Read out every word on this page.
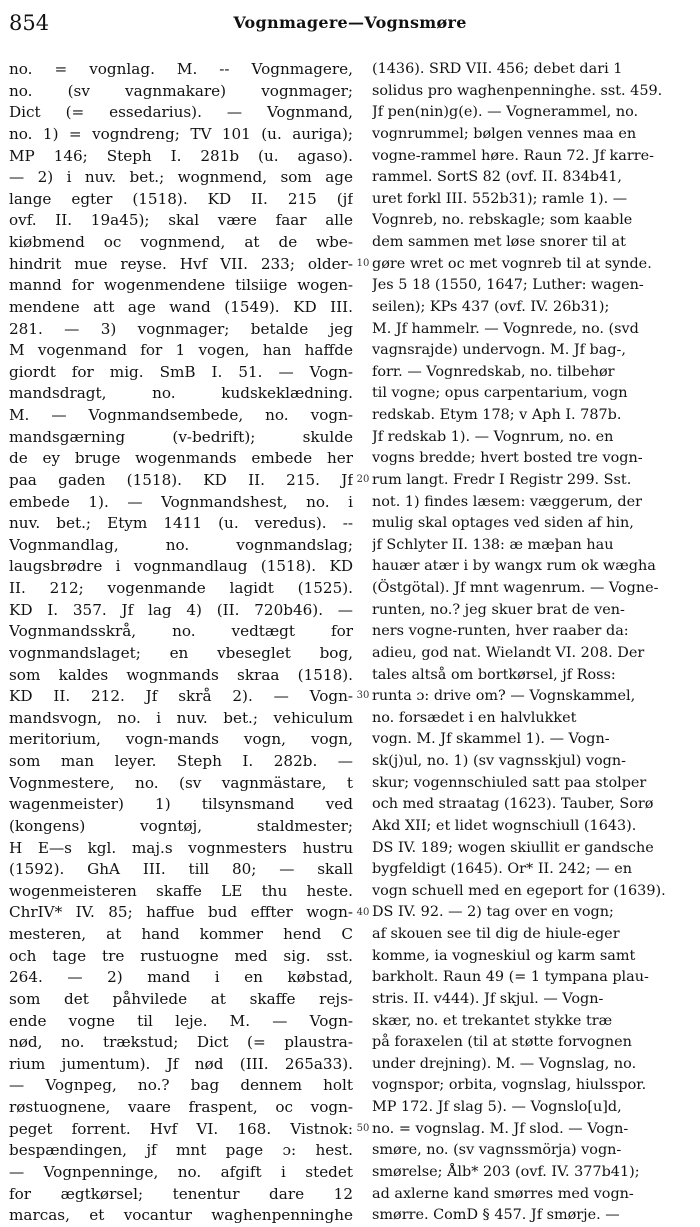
854	Vognmagere—Vognsmøre
no. = vognlag. M. -- Vognmagere,
no. (sv vagnmakare) vognmager;
Dict (= essedarius). — Vognmand,
no. 1) = vogndreng; TV 101 (u. auriga);
MP 146; Steph I. 281b (u. agaso).
— 2) i nuv. bet.; wognmend, som age
lange egter (1518). KD II. 215 (jf
ovf. II. 19a45); skal være faar alle
kiøbmend oc vognmend, at de wbe-
hindrit mue reyse. Hvf VII. 233; older-
mannd for wogenmendene tilsiige wogen-
mendene att age wand (1549). KD III.
281. — 3) vognmager; betalde jeg
M vogenmand for 1 vogen, han haffde
giordt for mig. SmB I. 51. — Vogn-
mandsdragt, no. kudskeklædning.
M. — Vognmandsembede, no. vogn-
mandsgærning (v-bedrift); skulde
de ey bruge wogenmands embede her
paa gaden (1518). KD II. 215. Jf
embede 1). — Vognmandshest, no. i
nuv. bet.; Etym 1411 (u. veredus). --
Vognmandlag, no. vognmandslag;
laugsbrødre i vognmandlaug (1518). KD
II. 212; vogenmande lagidt (1525).
KD I. 357. Jf lag 4) (II. 720b46). —
Vognmandsskrå, no. vedtægt for
vognmandslaget; en vbeseglet bog,
som kaldes wognmands skraa (1518).
KD II. 212. Jf skrå 2). — Vogn-
mandsvogn, no. i nuv. bet.; vehiculum
meritorium, vogn-mands vogn, vogn,
som man leyer. Steph I. 282b. —
Vognmestere, no. (sv vagnmästare, t
wagenmeister) 1) tilsynsmand ved
(kongens) vogntøj, staldmester;
H E—s kgl. maj.s vognmesters hustru
(1592). GhA III. till 80; — skall
wogenmeisteren skaffe LE thu heste.
ChrIV* IV. 85; haffue bud effter wogn-
mesteren, at hand kommer hend C
och tage tre rustuogne med sig. sst.
264. — 2) mand i en købstad,
som det påhvilede at skaffe rejs-
ende vogne til leje. M. — Vogn-
nød, no. trækstud; Dict (= plaustra-
rium jumentum). Jf nød (III. 265a33).
— Vognpeg, no.? bag dennem holt
røstuognene, vaare fraspent, oc vogn-
peget forrent. Hvf VI. 168. Vistnok:
bespændingen, jf mnt page ɔ: hest.
— Vognpenninge, no. afgift i stedet
for ægtkørsel; tenentur dare 12
marcas, et vocantur waghenpenninghe
10
20
30
40
50
(1436). SRD VII. 456; debet dari 1
solidus pro waghenpenninghe. sst. 459.
Jf pen(nin)g(e). — Vognerammel, no.
vognrummel; bølgen vennes maa en
vogne-rammel høre. Raun 72. Jf karre-
rammel. SortS 82 (ovf. II. 834b41,
uret forkl III. 552b31); ramle 1). —
Vognreb, no. rebskagle; som kaable
dem sammen met løse snorer til at
gøre wret oc met vognreb til at synde.
Jes 5 18 (1550, 1647; Luther: wagen-
seilen); KPs 437 (ovf. IV. 26b31);
M. Jf hammelr. — Vognrede, no. (svd
vagnsrajde) undervogn. M. Jf bag-,
forr. — Vognredskab, no. tilbehør
til vogne; opus carpentarium, vogn
redskab. Etym 178; v Aph I. 787b.
Jf redskab 1). — Vognrum, no. en
vogns bredde; hvert bosted tre vogn-
rum langt. Fredr I Registr 299. Sst.
not. 1) findes læsem: væggerum, der
mulig skal optages ved siden af hin,
jf Schlyter II. 138: æ mæþan hau
hauær atær i by wangx rum ok wægha
(Östgötal). Jf mnt wagenrum. — Vogne-
runten, no.? jeg skuer brat de ven-
ners vogne-runten, hver raaber da:
adieu, god nat. Wielandt VI. 208. Der
tales altså om bortkørsel, jf Ross:
runta ɔ: drive om? — Vognskammel,
no. forsædet i en halvlukket
vogn. M. Jf skammel 1). — Vogn-
sk(j)ul, no. 1) (sv vagnsskjul) vogn-
skur; vogennschiuled satt paa stolper
och med straatag (1623). Tauber, Sorø
Akd XII; et lidet wognschiull (1643).
DS IV. 189; wogen skiullit er gandsche
bygfeldigt (1645). Or* II. 242; — en
vogn schuell med en egeport for (1639).
DS IV. 92. — 2) tag over en vogn;
af skouen see til dig de hiule-eger
komme, ia vogneskiul og karm samt
barkholt. Raun 49 (= 1 tympana plau-
stris. II. v444). Jf skjul. — Vogn-
skær, no. et trekantet stykke træ
på foraxelen (til at støtte forvognen
under drejning). M. — Vognslag, no.
vognspor; orbita, vognslag, hiulsspor.
MP 172. Jf slag 5). — Vognslo[u]d,
no. = vognslag. M. Jf slod. — Vogn-
smøre, no. (sv vagnssmörja) vogn-
smørelse; Ålb* 203 (ovf. IV. 377b41);
ad axlerne kand smørres med vogn-
smørre. ComD § 457. Jf smørje. —
